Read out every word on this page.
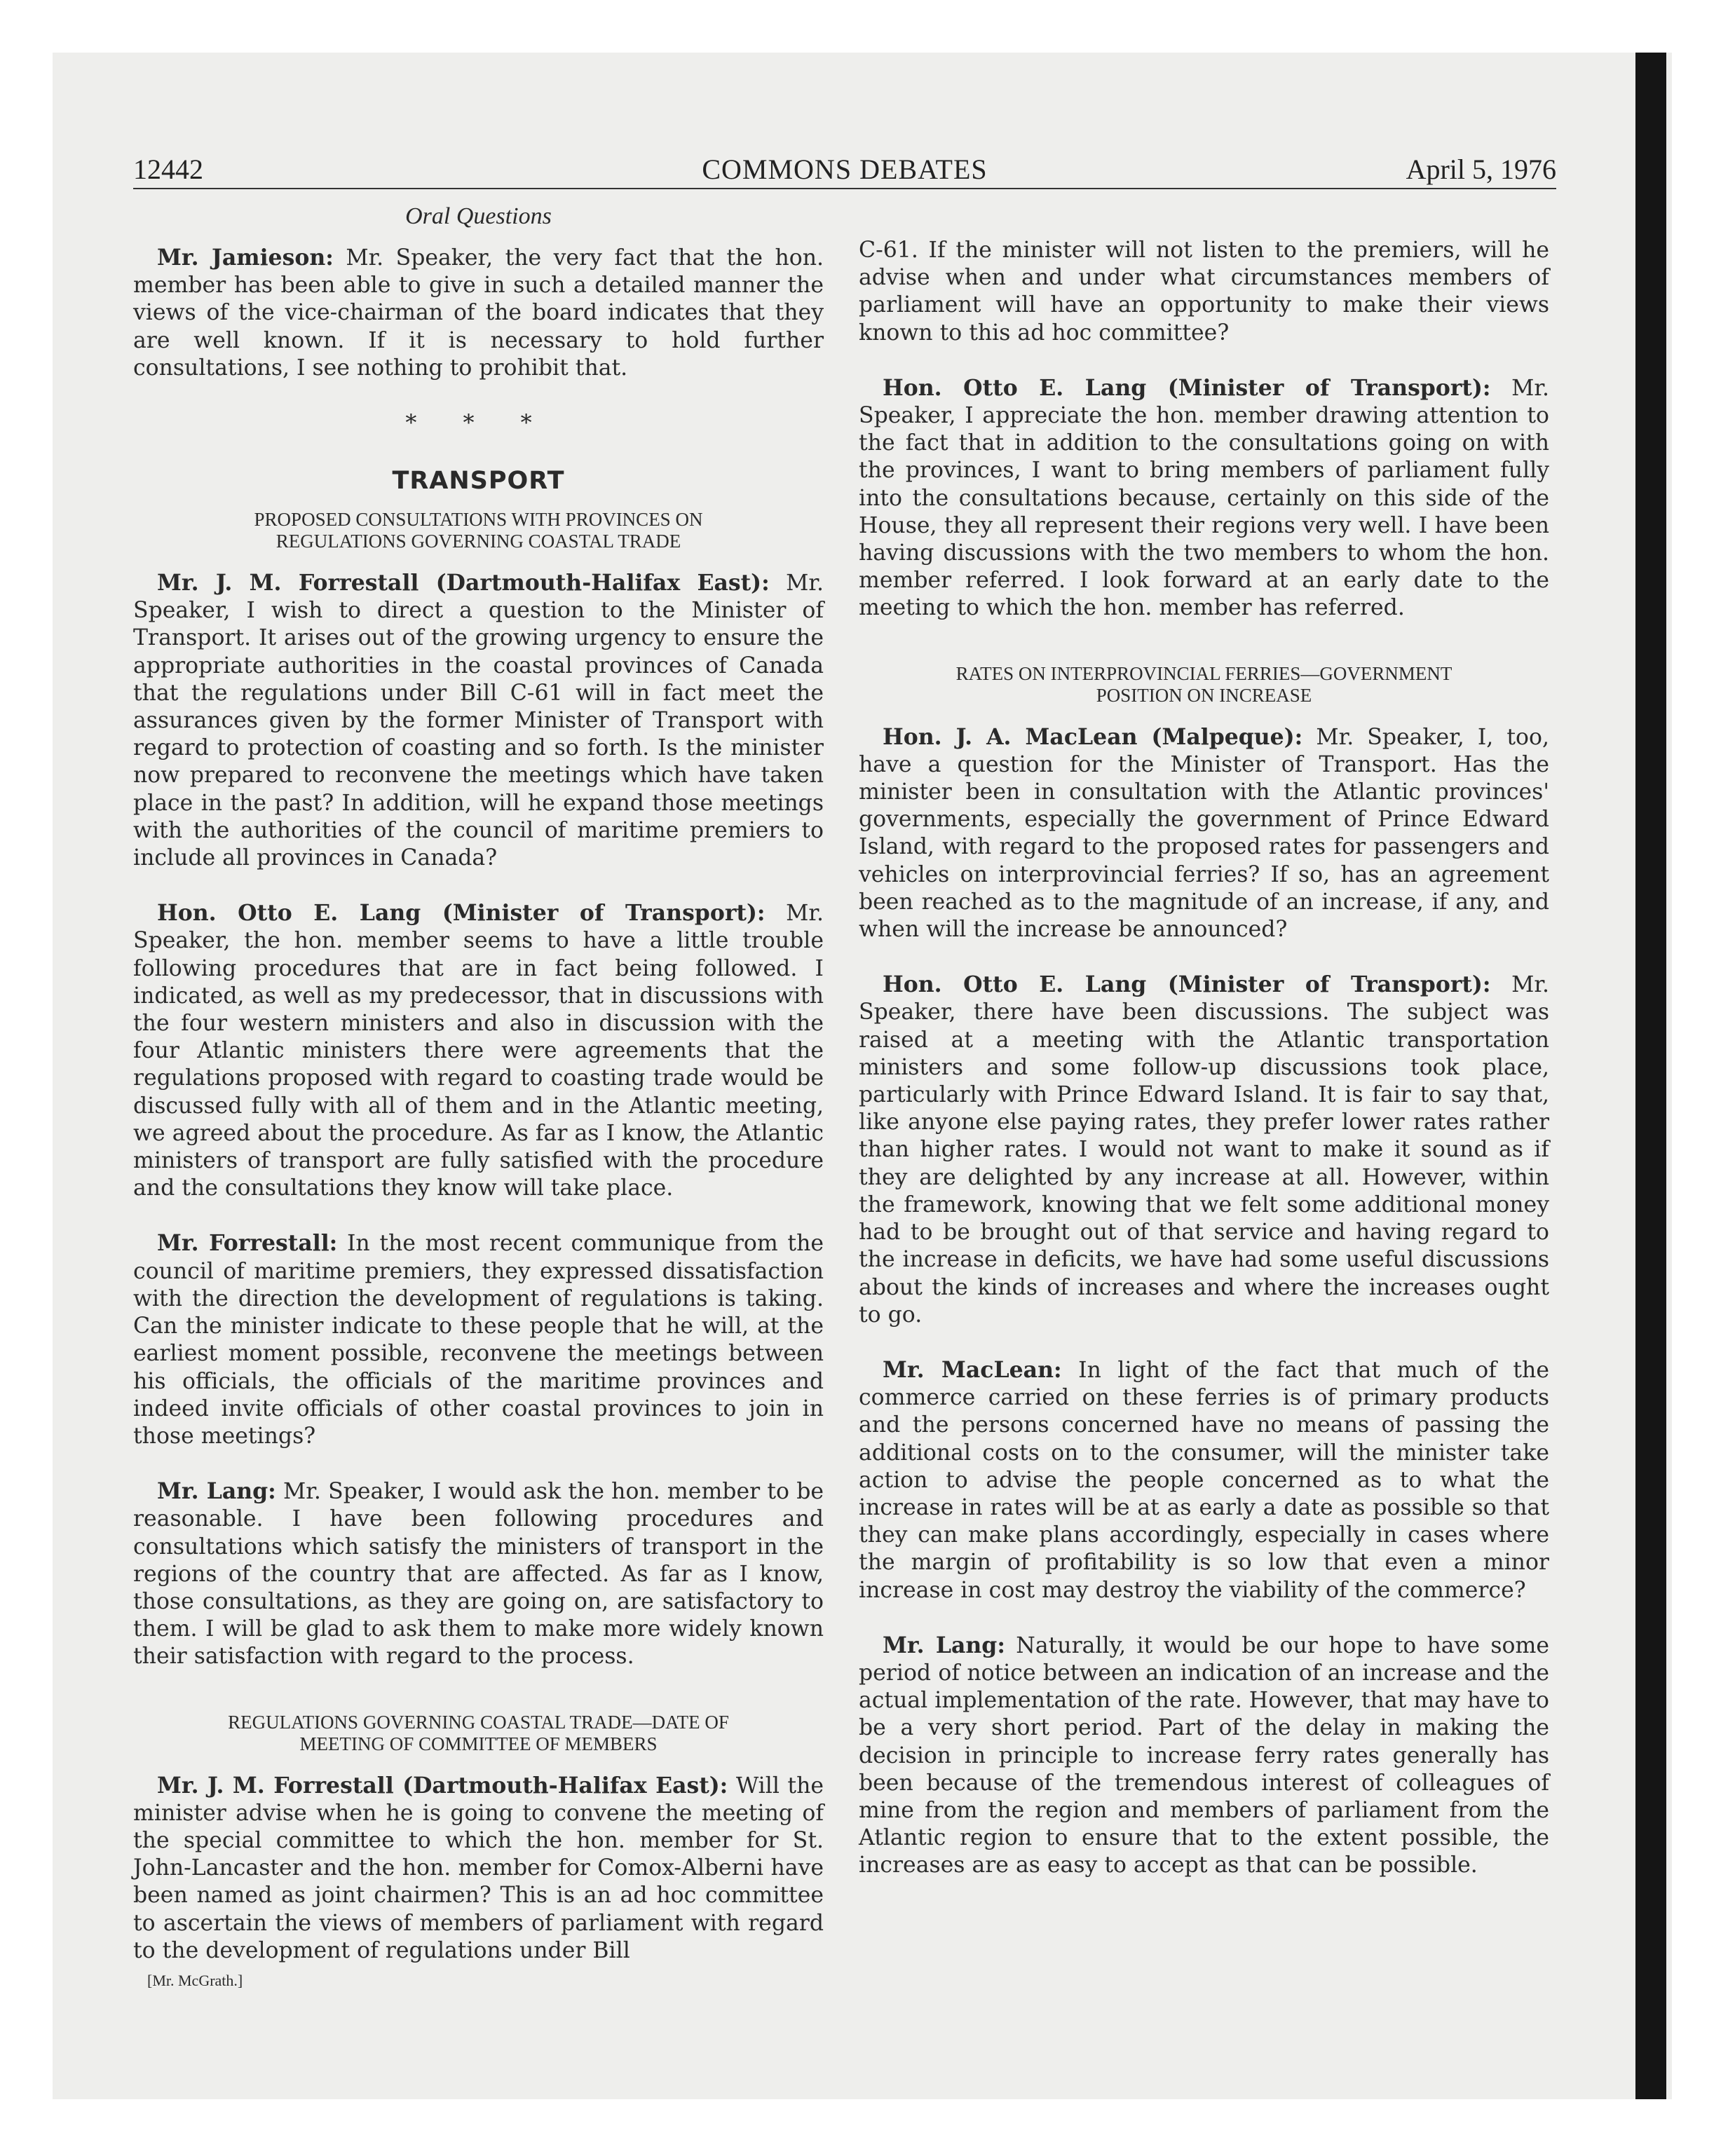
COMMONS DEBATES
12442	April 5, 1976
Oral Questions

Mr. Jamieson: Mr. Speaker, the very fact that the hon. member has been able to give in such a detailed manner the views of the vice-chairman of the board indicates that they are well known. If it is necessary to hold further consultations, I see nothing to prohibit that.

* * *
TRANSPORT
PROPOSED CONSULTATIONS WITH PROVINCES ON
REGULATIONS GOVERNING COASTAL TRADE

Mr. J. M. Forrestall (Dartmouth-Halifax East): Mr. Speaker, I wish to direct a question to the Minister of Transport. It arises out of the growing urgency to ensure the appropriate authorities in the coastal provinces of Canada that the regulations under Bill C-61 will in fact meet the assurances given by the former Minister of Transport with regard to protection of coasting and so forth. Is the minister now prepared to reconvene the meetings which have taken place in the past? In addition, will he expand those meetings with the authorities of the council of maritime premiers to include all provinces in Canada?

Hon. Otto E. Lang (Minister of Transport): Mr. Speaker, the hon. member seems to have a little trouble following procedures that are in fact being followed. I indicated, as well as my predecessor, that in discussions with the four western ministers and also in discussion with the four Atlantic ministers there were agreements that the regulations proposed with regard to coasting trade would be discussed fully with all of them and in the Atlantic meeting, we agreed about the procedure. As far as I know, the Atlantic ministers of transport are fully satisfied with the procedure and the consultations they know will take place.

Mr. Forrestall: In the most recent communique from the council of maritime premiers, they expressed dissatisfaction with the direction the development of regulations is taking. Can the minister indicate to these people that he will, at the earliest moment possible, reconvene the meetings between his officials, the officials of the maritime provinces and indeed invite officials of other coastal provinces to join in those meetings?

Mr. Lang: Mr. Speaker, I would ask the hon. member to be reasonable. I have been following procedures and consultations which satisfy the ministers of transport in the regions of the country that are affected. As far as I know, those consultations, as they are going on, are satisfactory to them. I will be glad to ask them to make more widely known their satisfaction with regard to the process.

REGULATIONS GOVERNING COASTAL TRADE—DATE OF
MEETING OF COMMITTEE OF MEMBERS

Mr. J. M. Forrestall (Dartmouth-Halifax East): Will the minister advise when he is going to convene the meeting of the special committee to which the hon. member for St. John-Lancaster and the hon. member for Comox-Alberni have been named as joint chairmen? This is an ad hoc committee to ascertain the views of members of parliament with regard to the development of regulations under Bill

[Mr. McGrath.]

C-61. If the minister will not listen to the premiers, will he advise when and under what circumstances members of parliament will have an opportunity to make their views known to this ad hoc committee?

Hon. Otto E. Lang (Minister of Transport): Mr. Speaker, I appreciate the hon. member drawing attention to the fact that in addition to the consultations going on with the provinces, I want to bring members of parliament fully into the consultations because, certainly on this side of the House, they all represent their regions very well. I have been having discussions with the two members to whom the hon. member referred. I look forward at an early date to the meeting to which the hon. member has referred.

RATES ON INTERPROVINCIAL FERRIES—GOVERNMENT
POSITION ON INCREASE

Hon. J. A. MacLean (Malpeque): Mr. Speaker, I, too, have a question for the Minister of Transport. Has the minister been in consultation with the Atlantic provinces' governments, especially the government of Prince Edward Island, with regard to the proposed rates for passengers and vehicles on interprovincial ferries? If so, has an agreement been reached as to the magnitude of an increase, if any, and when will the increase be announced?

Hon. Otto E. Lang (Minister of Transport): Mr. Speaker, there have been discussions. The subject was raised at a meeting with the Atlantic transportation ministers and some follow-up discussions took place, particularly with Prince Edward Island. It is fair to say that, like anyone else paying rates, they prefer lower rates rather than higher rates. I would not want to make it sound as if they are delighted by any increase at all. However, within the framework, knowing that we felt some additional money had to be brought out of that service and having regard to the increase in deficits, we have had some useful discussions about the kinds of increases and where the increases ought to go.

Mr. MacLean: In light of the fact that much of the commerce carried on these ferries is of primary products and the persons concerned have no means of passing the additional costs on to the consumer, will the minister take action to advise the people concerned as to what the increase in rates will be at as early a date as possible so that they can make plans accordingly, especially in cases where the margin of profitability is so low that even a minor increase in cost may destroy the viability of the commerce?

Mr. Lang: Naturally, it would be our hope to have some period of notice between an indication of an increase and the actual implementation of the rate. However, that may have to be a very short period. Part of the delay in making the decision in principle to increase ferry rates generally has been because of the tremendous interest of colleagues of mine from the region and members of parliament from the Atlantic region to ensure that to the extent possible, the increases are as easy to accept as that can be possible.
